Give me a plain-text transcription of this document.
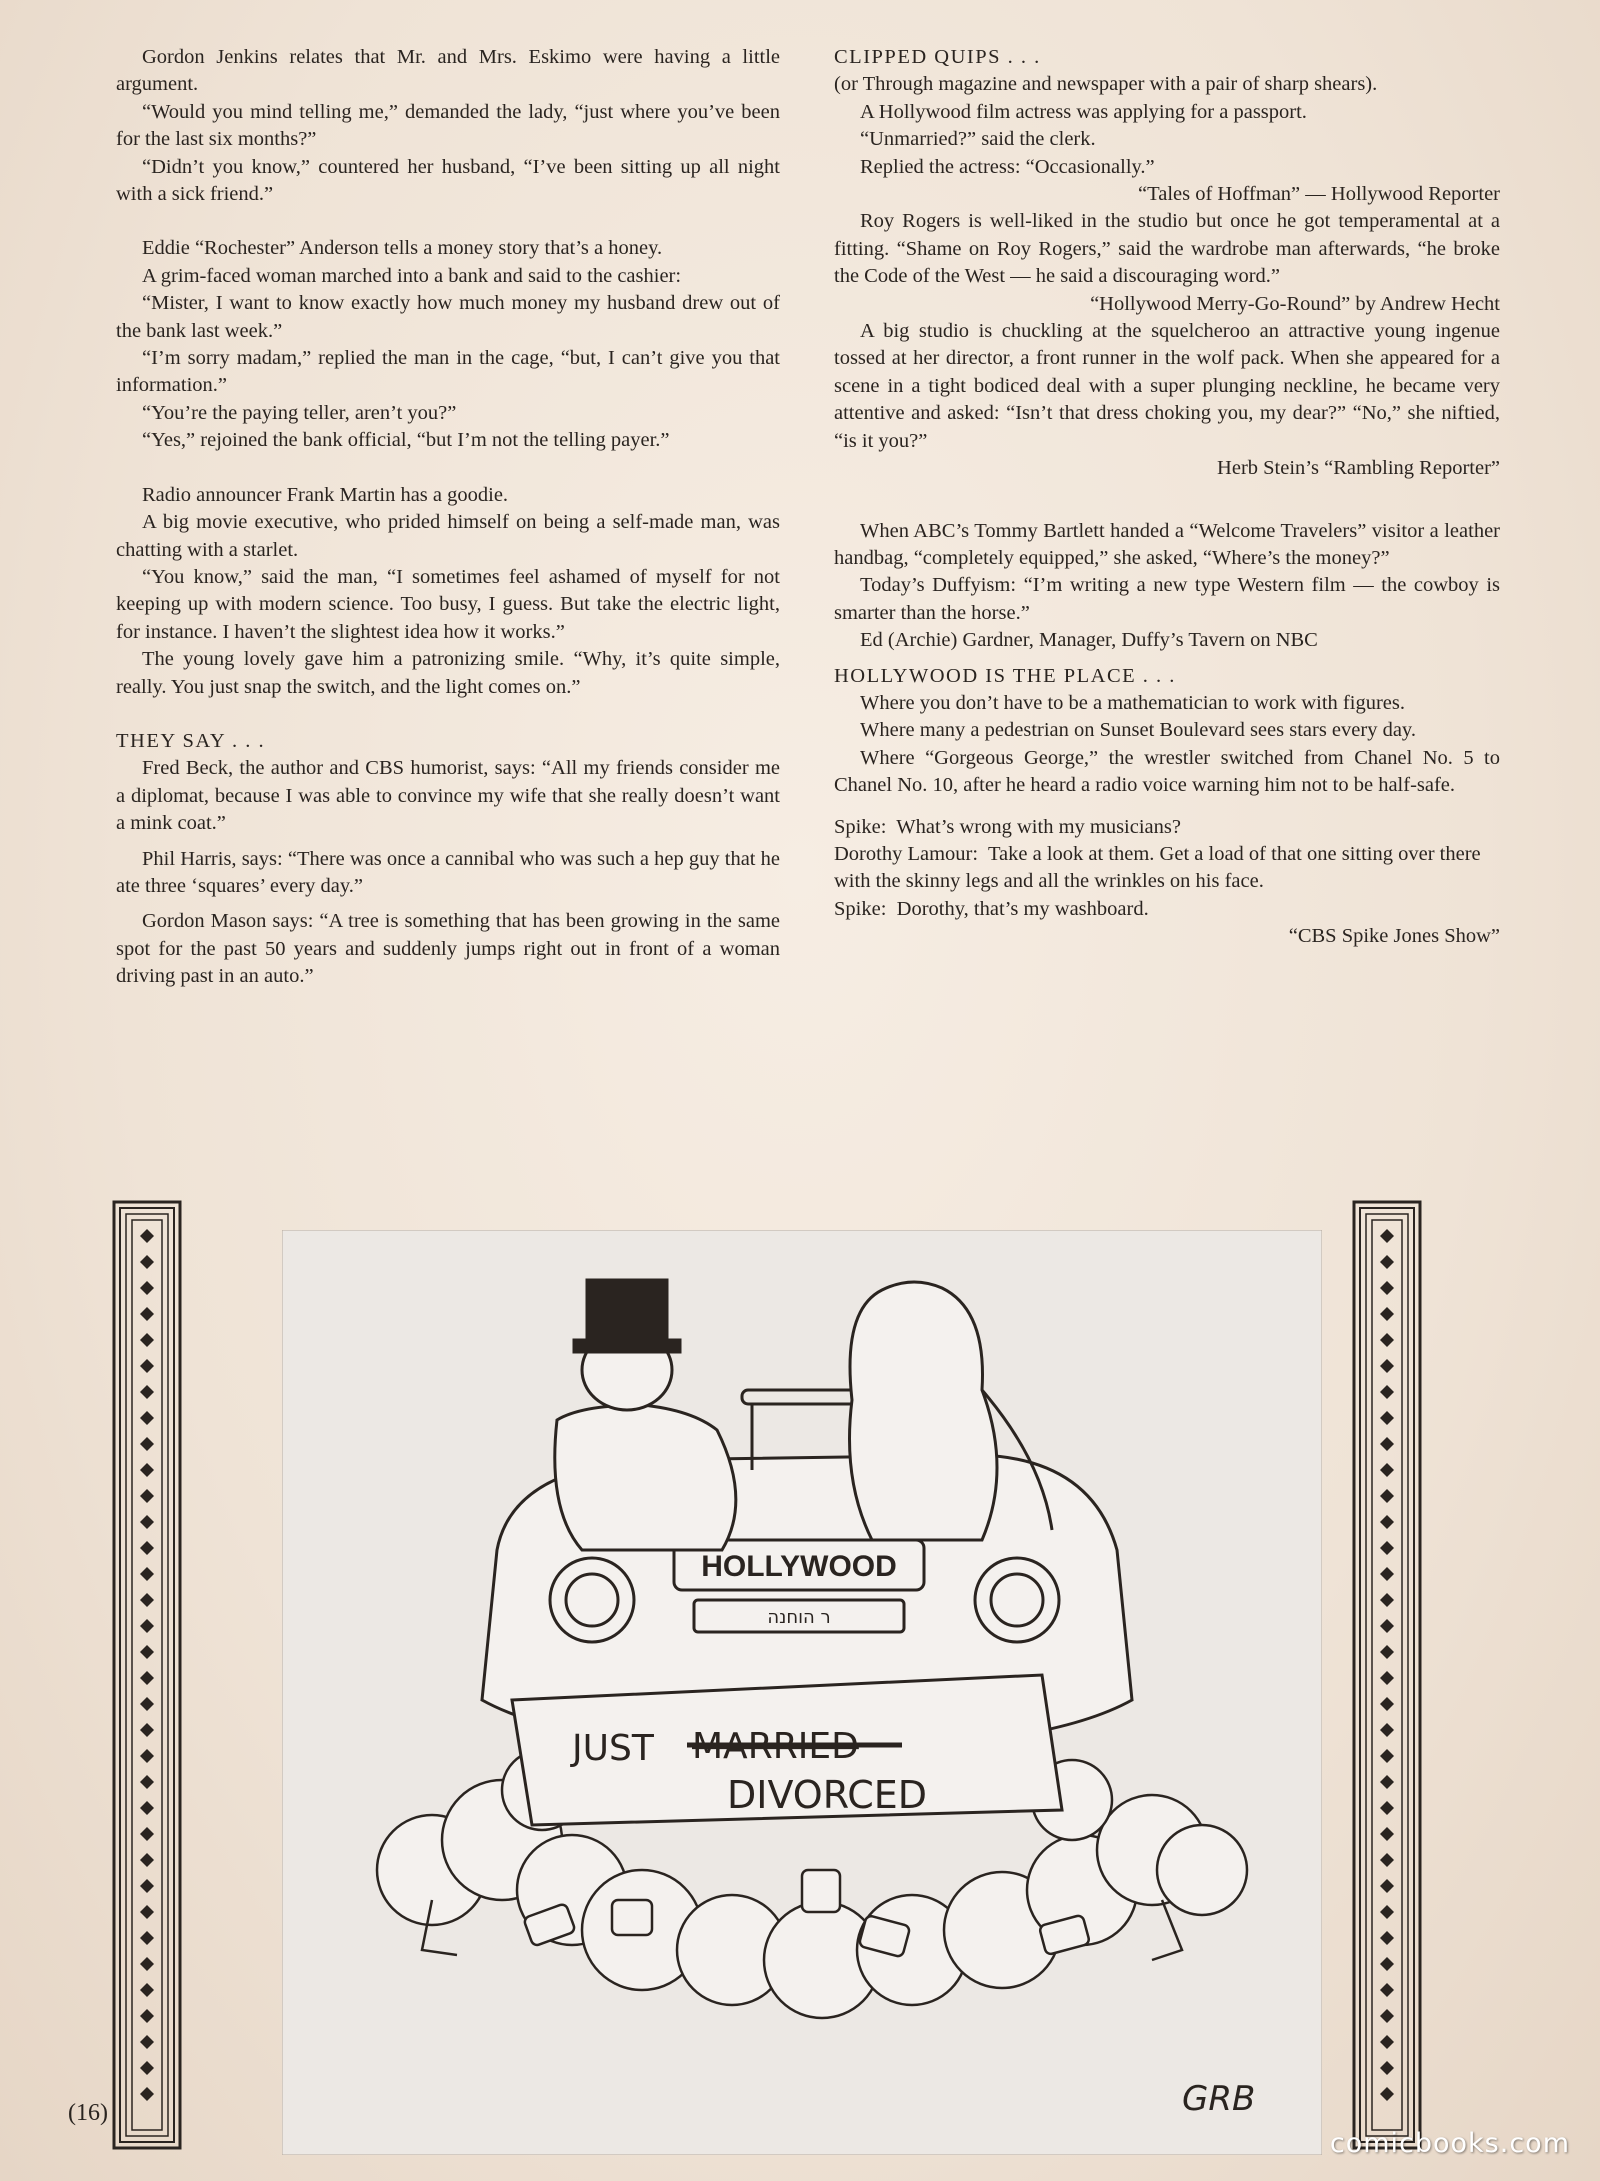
Gordon Jenkins relates that Mr. and Mrs. Eskimo were having a little argument.

“Would you mind telling me,” demanded the lady, “just where you’ve been for the last six months?”

“Didn’t you know,” countered her husband, “I’ve been sitting up all night with a sick friend.”

Eddie “Rochester” Anderson tells a money story that’s a honey.

A grim-faced woman marched into a bank and said to the cashier:

“Mister, I want to know exactly how much money my husband drew out of the bank last week.”

“I’m sorry madam,” replied the man in the cage, “but, I can’t give you that information.”

“You’re the paying teller, aren’t you?”

“Yes,” rejoined the bank official, “but I’m not the telling payer.”

Radio announcer Frank Martin has a goodie.

A big movie executive, who prided himself on being a self-made man, was chatting with a starlet.

“You know,” said the man, “I sometimes feel ashamed of myself for not keeping up with modern science. Too busy, I guess. But take the electric light, for instance. I haven’t the slightest idea how it works.”

The young lovely gave him a patronizing smile. “Why, it’s quite simple, really. You just snap the switch, and the light comes on.”

THEY SAY . . .

Fred Beck, the author and CBS humorist, says: “All my friends consider me a diplomat, because I was able to convince my wife that she really doesn’t want a mink coat.”

Phil Harris, says: “There was once a cannibal who was such a hep guy that he ate three ‘squares’ every day.”

Gordon Mason says: “A tree is something that has been growing in the same spot for the past 50 years and suddenly jumps right out in front of a woman driving past in an auto.”

CLIPPED QUIPS . . .

(or Through magazine and newspaper with a pair of sharp shears).

A Hollywood film actress was applying for a passport.

“Unmarried?” said the clerk.

Replied the actress: “Occasionally.”

“Tales of Hoffman” — Hollywood Reporter

Roy Rogers is well-liked in the studio but once he got temperamental at a fitting. “Shame on Roy Rogers,” said the wardrobe man afterwards, “he broke the Code of the West — he said a discouraging word.”

“Hollywood Merry-Go-Round” by Andrew Hecht

A big studio is chuckling at the squelcheroo an attractive young ingenue tossed at her director, a front runner in the wolf pack. When she appeared for a scene in a tight bodiced deal with a super plunging neckline, he became very attentive and asked: “Isn’t that dress choking you, my dear?” “No,” she niftied, “is it you?”

Herb Stein’s “Rambling Reporter”

When ABC’s Tommy Bartlett handed a “Welcome Travelers” visitor a leather handbag, “completely equipped,” she asked, “Where’s the money?”

Today’s Duffyism: “I’m writing a new type Western film — the cowboy is smarter than the horse.”

Ed (Archie) Gardner, Manager, Duffy’s Tavern on NBC

HOLLYWOOD IS THE PLACE . . .

Where you don’t have to be a mathematician to work with figures.

Where many a pedestrian on Sunset Boulevard sees stars every day.

Where “Gorgeous George,” the wrestler switched from Chanel No. 5 to Chanel No. 10, after he heard a radio voice warning him not to be half-safe.

Spike: What’s wrong with my musicians?

Dorothy Lamour: Take a look at them. Get a load of that one sitting over there with the skinny legs and all the wrinkles on his face.

Spike: Dorothy, that’s my washboard.

“CBS Spike Jones Show”

HOLLYWOOD
ר הוחנה
JUST MARRIED
DIVORCED
GRB
(16)
comicbooks.com
